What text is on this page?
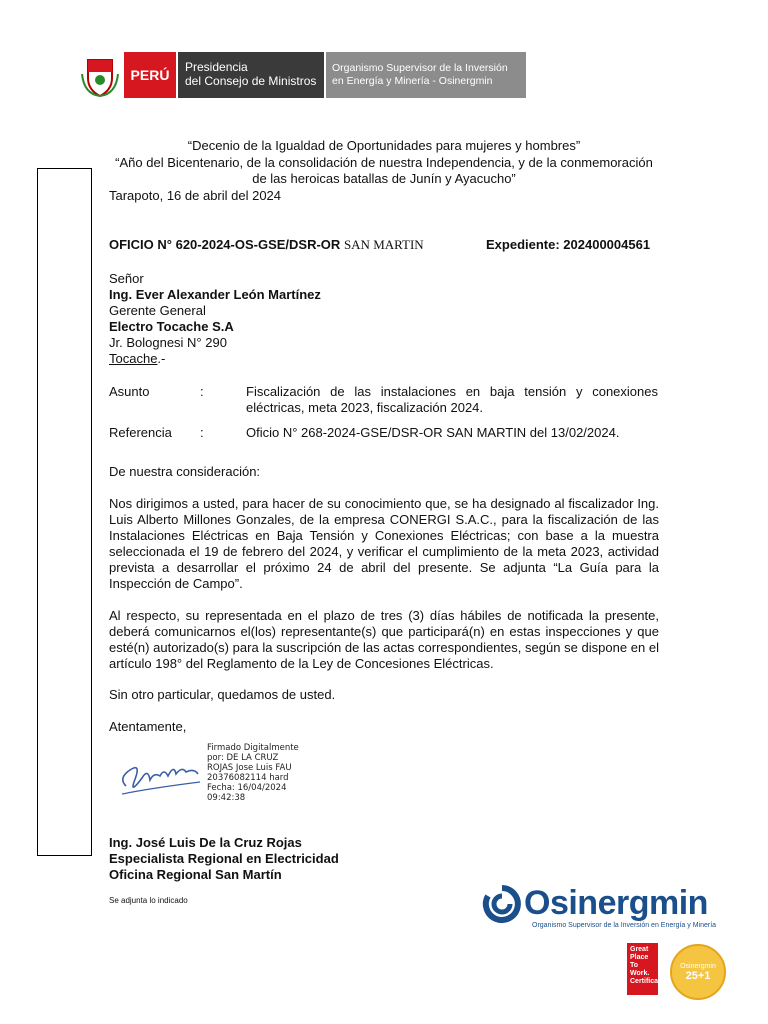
PERÚ Presidencia
del Consejo de Ministros
Organismo Supervisor de la Inversión
en Energía y Minería - Osinergmin
“Decenio de la Igualdad de Oportunidades para mujeres y hombres”
“Año del Bicentenario, de la consolidación de nuestra Independencia, y de la conmemoración
de las heroicas batallas de Junín y Ayacucho”
Tarapoto, 16 de abril del 2024
OFICIO N° 620-2024-OS-GSE/DSR-OR SAN MARTIN	Expediente: 202400004561
Señor
Ing. Ever Alexander León Martínez
Gerente General
Electro Tocache S.A
Jr. Bolognesi N° 290
Tocache.-
Asunto	:	Fiscalización de las instalaciones en baja tensión y conexiones eléctricas, meta 2023, fiscalización 2024.
Referencia :	Oficio N° 268-2024-GSE/DSR-OR SAN MARTIN del 13/02/2024.
De nuestra consideración:
Nos dirigimos a usted, para hacer de su conocimiento que, se ha designado al fiscalizador Ing. Luis Alberto Millones Gonzales, de la empresa CONERGI S.A.C., para la fiscalización de las Instalaciones Eléctricas en Baja Tensión y Conexiones Eléctricas; con base a la muestra seleccionada el 19 de febrero del 2024, y verificar el cumplimiento de la meta 2023, actividad prevista a desarrollar el próximo 24 de abril del presente. Se adjunta “La Guía para la Inspección de Campo”.
Al respecto, su representada en el plazo de tres (3) días hábiles de notificada la presente, deberá comunicarnos el(los) representante(s) que participará(n) en estas inspecciones y que esté(n) autorizado(s) para la suscripción de las actas correspondientes, según se dispone en el artículo 198° del Reglamento de la Ley de Concesiones Eléctricas.
Sin otro particular, quedamos de usted.
Atentamente,
Firmado Digitalmente
por: DE LA CRUZ
ROJAS Jose Luis FAU
20376082114 hard
Fecha: 16/04/2024
09:42:38
Ing. José Luis De la Cruz Rojas
Especialista Regional en Electricidad
Oficina Regional San Martín
Se adjunta lo indicado	Osinergmin
Organismo Supervisor de la Inversión en Energía y Minería
Great Place To Work. Certificada
Osinergmin
25+1
